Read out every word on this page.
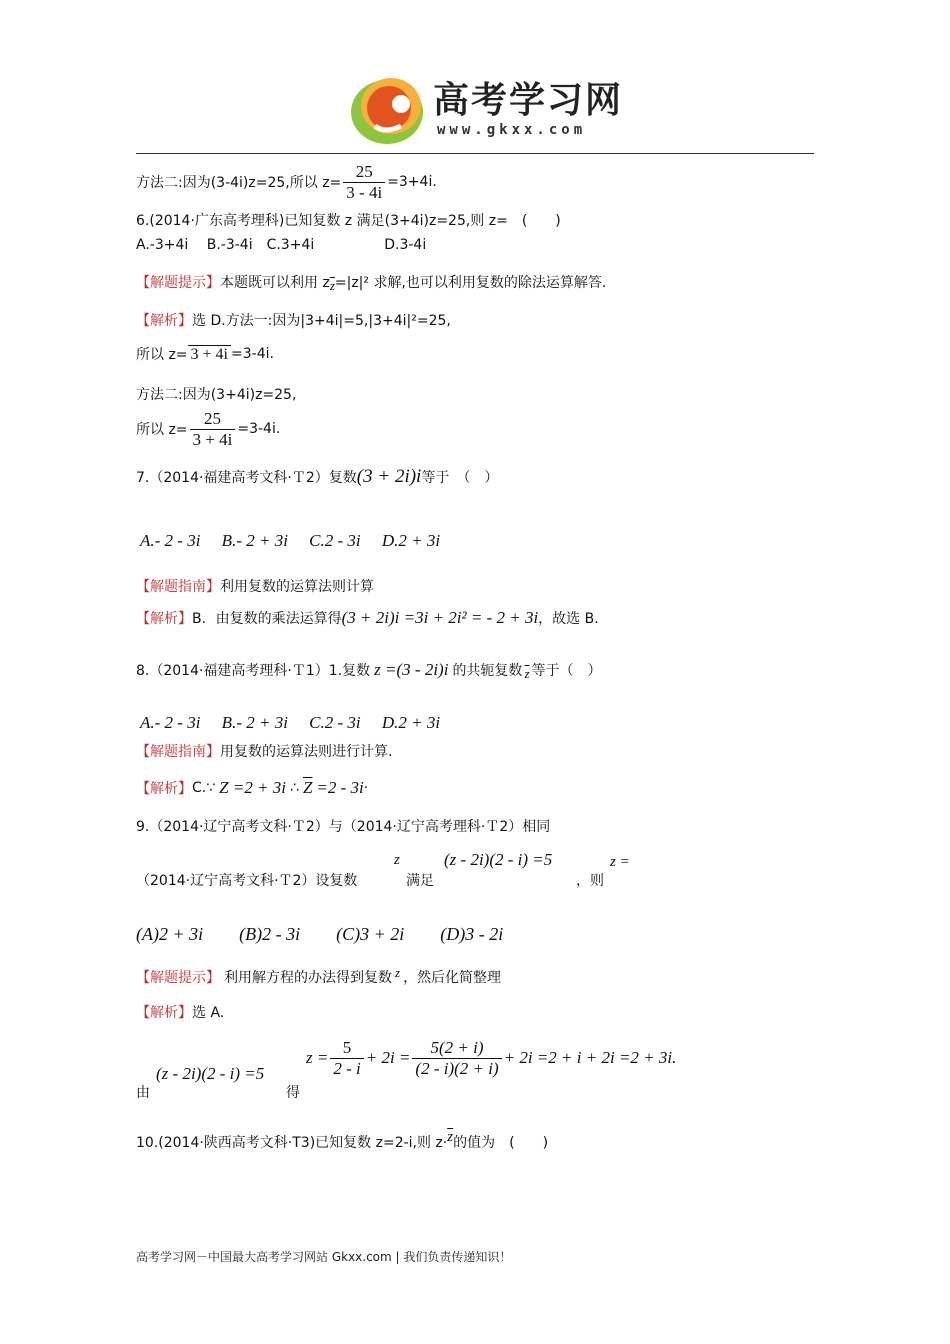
高考学习网
www.gkxx.com
方法二:因为(3-4i)z=25,所以 $z= \frac{25}{3 - 4i} =3+4i$.
6.(2014·广东高考理科)已知复数 z 满足(3+4i)z=25,则 z=　(　　)
A.-3+4i　 B.-3-4i　C.3+4i　　　　　D.3-4i
【解题提示】 本题既可以利用 z $\overline{z} =|z|^2$ 求解,也可以利用复数的除法运算解答.
【解析】选 D.方法一:因为|3+4i|=5,|3+4i|²=25,
所以 z= 3 + 4i =3-4i.
方法二:因为(3+4i)z=25,
所以 $z= \frac{25}{3 + 4i} =3-4i$.
7.（2014·福建高考文科·Ｔ2）复数 (3 + 2i)i 等于　（　）
A.- 2 - 3i　 B.- 2 + 3i　 C.2 - 3i　 D.2 + 3i
【解题指南】利用复数的运算法则计算
【解析】 B．由复数的乘法运算得 (3 + 2i)i =3i + 2i² = - 2 + 3i ，故选 B．
8.（2014·福建高考理科·Ｔ1）1.复数 z =(3 - 2i)i 的共轭复数 $\overline{z}$ 等于（　）
A.- 2 - 3i　 B.- 2 + 3i　 C.2 - 3i　 D.2 + 3i
【解题指南】用复数的运算法则进行计算.
【解析】 C.∵ Z =2 + 3i ∴ $\overline{Z} =2 - 3i$ ·
9.（2014·辽宁高考文科·Ｔ2）与（2014·辽宁高考理科·Ｔ2）相同
（2014·辽宁高考文科·Ｔ2）设复数
z
满足
(z - 2i)(2 - i) =5
，则
z =
(A)2 + 3i　　(B)2 - 3i　　(C)3 + 2i　　(D)3 - 2i
【解题提示】 利用解方程的办法得到复数 z ，然后化简整理
【解析】选 A.
由
(z - 2i)(2 - i) =5
得
$z = \frac{5}{2 - i} + 2i = \frac{5(2 + i)}{(2 - i)(2 + i)} + 2i =2 + i + 2i =2 + 3i$.
10.(2014·陕西高考文科·T3)已知复数 z=2-i,则 $z\cdot \overline{z}$ 的值为　(　　)
高考学习网－中国最大高考学习网站 Gkxx.com | 我们负责传递知识！
